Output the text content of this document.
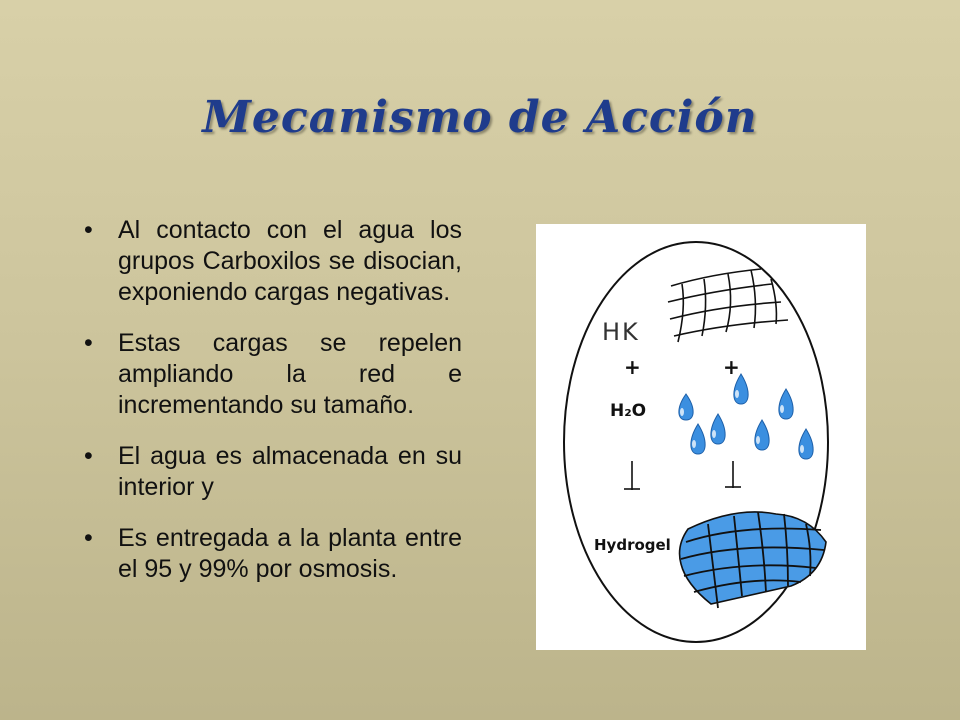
Mecanismo de Acción
• Al contacto con el agua los grupos Carboxilos se disocian, exponiendo cargas negativas.
• Estas cargas se repelen ampliando la red e incrementando su tamaño.
• El agua es almacenada en su interior y
• Es entregada a la planta entre el 95 y 99% por osmosis.
HK
+	+
H₂O
Hydrogel
